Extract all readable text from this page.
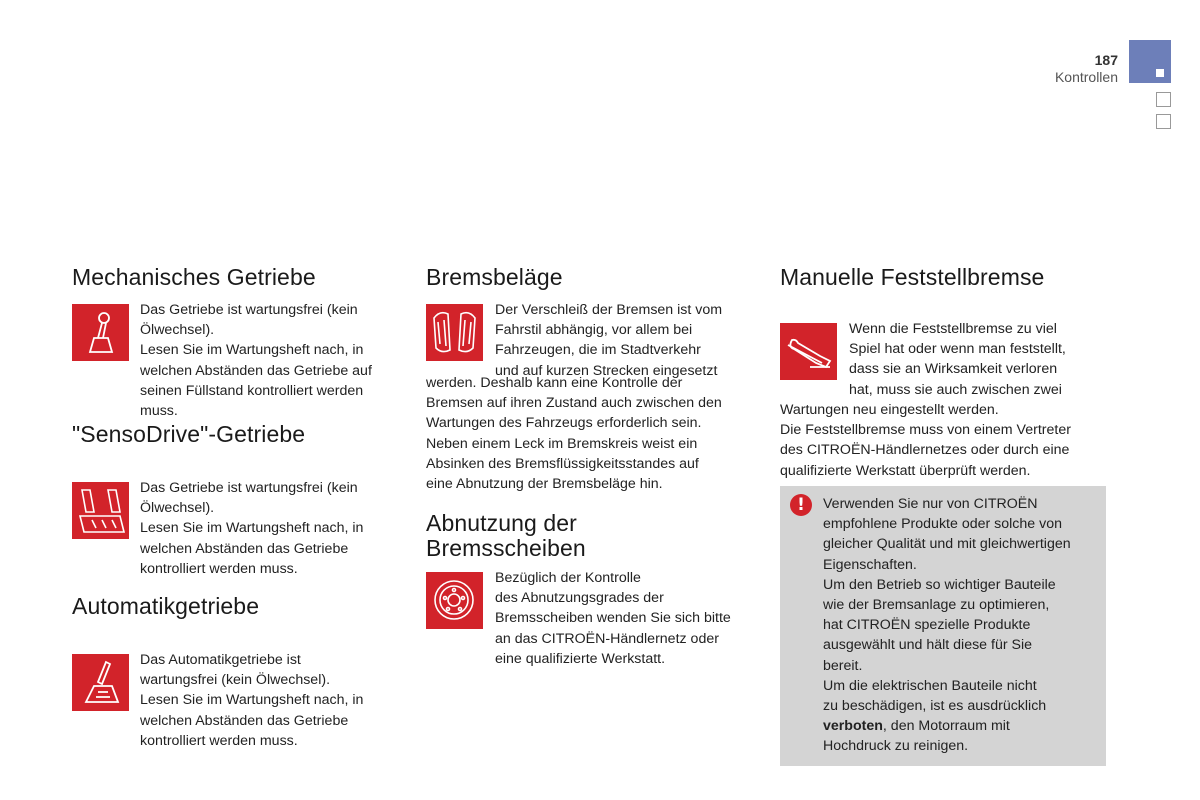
187
Kontrollen
Mechanisches Getriebe
Das Getriebe ist wartungsfrei (kein
Ölwechsel).
Lesen Sie im Wartungsheft nach, in
welchen Abständen das Getriebe auf
seinen Füllstand kontrolliert werden
muss.
"SensoDrive"-Getriebe
Das Getriebe ist wartungsfrei (kein
Ölwechsel).
Lesen Sie im Wartungsheft nach, in
welchen Abständen das Getriebe
kontrolliert werden muss.
Automatikgetriebe
Das Automatikgetriebe ist
wartungsfrei (kein Ölwechsel).
Lesen Sie im Wartungsheft nach, in
welchen Abständen das Getriebe
kontrolliert werden muss.
Bremsbeläge
Der Verschleiß der Bremsen ist vom
Fahrstil abhängig, vor allem bei
Fahrzeugen, die im Stadtverkehr
und auf kurzen Strecken eingesetzt
werden. Deshalb kann eine Kontrolle der
Bremsen auf ihren Zustand auch zwischen den
Wartungen des Fahrzeugs erforderlich sein.
Neben einem Leck im Bremskreis weist ein
Absinken des Bremsflüssigkeitsstandes auf
eine Abnutzung der Bremsbeläge hin.
Abnutzung der
Bremsscheiben
Bezüglich der Kontrolle
des Abnutzungsgrades der
Bremsscheiben wenden Sie sich bitte
an das CITROËN-Händlernetz oder
eine qualifizierte Werkstatt.
Manuelle Feststellbremse
Wenn die Feststellbremse zu viel
Spiel hat oder wenn man feststellt,
dass sie an Wirksamkeit verloren
hat, muss sie auch zwischen zwei
Wartungen neu eingestellt werden.
Die Feststellbremse muss von einem Vertreter
des CITROËN-Händlernetzes oder durch eine
qualifizierte Werkstatt überprüft werden.
!	Verwenden Sie nur von CITROËN
empfohlene Produkte oder solche von
gleicher Qualität und mit gleichwertigen
Eigenschaften.
Um den Betrieb so wichtiger Bauteile
wie der Bremsanlage zu optimieren,
hat CITROËN spezielle Produkte
ausgewählt und hält diese für Sie
bereit.
Um die elektrischen Bauteile nicht
zu beschädigen, ist es ausdrücklich
verboten, den Motorraum mit
Hochdruck zu reinigen.
